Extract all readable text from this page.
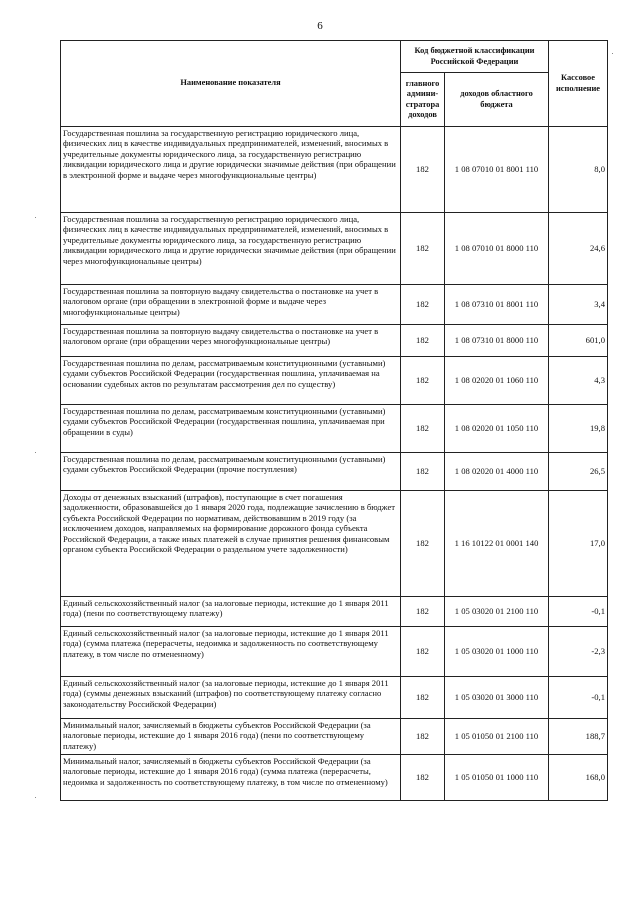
6
Наименование показателя	Код бюджетной классификации Российской Федерации		Кассовое исполнение
	главного админи-стратора доходов	доходов областного бюджета	
Государственная пошлина за государственную регистрацию юридического лица, физических лиц в качестве индивидуальных предпринимателей, изменений, вносимых в учредительные документы юридического лица, за государственную регистрацию ликвидации юридического лица и другие юридически значимые действия (при обращении в электронной форме и выдаче через многофункциональные центры)	182	1 08 07010 01 8001 110	8,0
Государственная пошлина за государственную регистрацию юридического лица, физических лиц в качестве индивидуальных предпринимателей, изменений, вносимых в учредительные документы юридического лица, за государственную регистрацию ликвидации юридического лица и другие юридически значимые действия (при обращении через многофункциональные центры)	182	1 08 07010 01 8000 110	24,6
Государственная пошлина за повторную выдачу свидетельства о постановке на учет в налоговом органе (при обращении в электронной форме и выдаче через многофункциональные центры)	182	1 08 07310 01 8001 110	3,4
Государственная пошлина за повторную выдачу свидетельства о постановке на учет в налоговом органе (при обращении через многофункциональные центры)	182	1 08 07310 01 8000 110	601,0
Государственная пошлина по делам, рассматриваемым конституционными (уставными) судами субъектов Российской Федерации (государственная пошлина, уплачиваемая на основании судебных актов по результатам рассмотрения дел по существу)	182	1 08 02020 01 1060 110	4,3
Государственная пошлина по делам, рассматриваемым конституционными (уставными) судами субъектов Российской Федерации (государственная пошлина, уплачиваемая при обращении в суды)	182	1 08 02020 01 1050 110	19,8
Государственная пошлина по делам, рассматриваемым конституционными (уставными) судами субъектов Российской Федерации (прочие поступления)	182	1 08 02020 01 4000 110	26,5
Доходы от денежных взысканий (штрафов), поступающие в счет погашения задолженности, образовавшейся до 1 января 2020 года, подлежащие зачислению в бюджет субъекта Российской Федерации по нормативам, действовавшим в 2019 году (за исключением доходов, направляемых на формирование дорожного фонда субъекта Российской Федерации, а также иных платежей в случае принятия решения финансовым органом субъекта Российской Федерации о раздельном учете задолженности)	182	1 16 10122 01 0001 140	17,0
Единый сельскохозяйственный налог (за налоговые периоды, истекшие до 1 января 2011 года) (пени по соответствующему платежу)	182	1 05 03020 01 2100 110	-0,1
Единый сельскохозяйственный налог (за налоговые периоды, истекшие до 1 января 2011 года) (сумма платежа (перерасчеты, недоимка и задолженность по соответствующему платежу, в том числе по отмененному)	182	1 05 03020 01 1000 110	-2,3
Единый сельскохозяйственный налог (за налоговые периоды, истекшие до 1 января 2011 года) (суммы денежных взысканий (штрафов) по соответствующему платежу согласно законодательству Российской Федерации)	182	1 05 03020 01 3000 110	-0,1
Минимальный налог, зачисляемый в бюджеты субъектов Российской Федерации (за налоговые периоды, истекшие до 1 января 2016 года) (пени по соответствующему платежу)	182	1 05 01050 01 2100 110	188,7
Минимальный налог, зачисляемый в бюджеты субъектов Российской Федерации (за налоговые периоды, истекшие до 1 января 2016 года) (сумма платежа (перерасчеты, недоимка и задолженность по соответствующему платежу, в том числе по отмененному)	182	1 05 01050 01 1000 110	168,0
